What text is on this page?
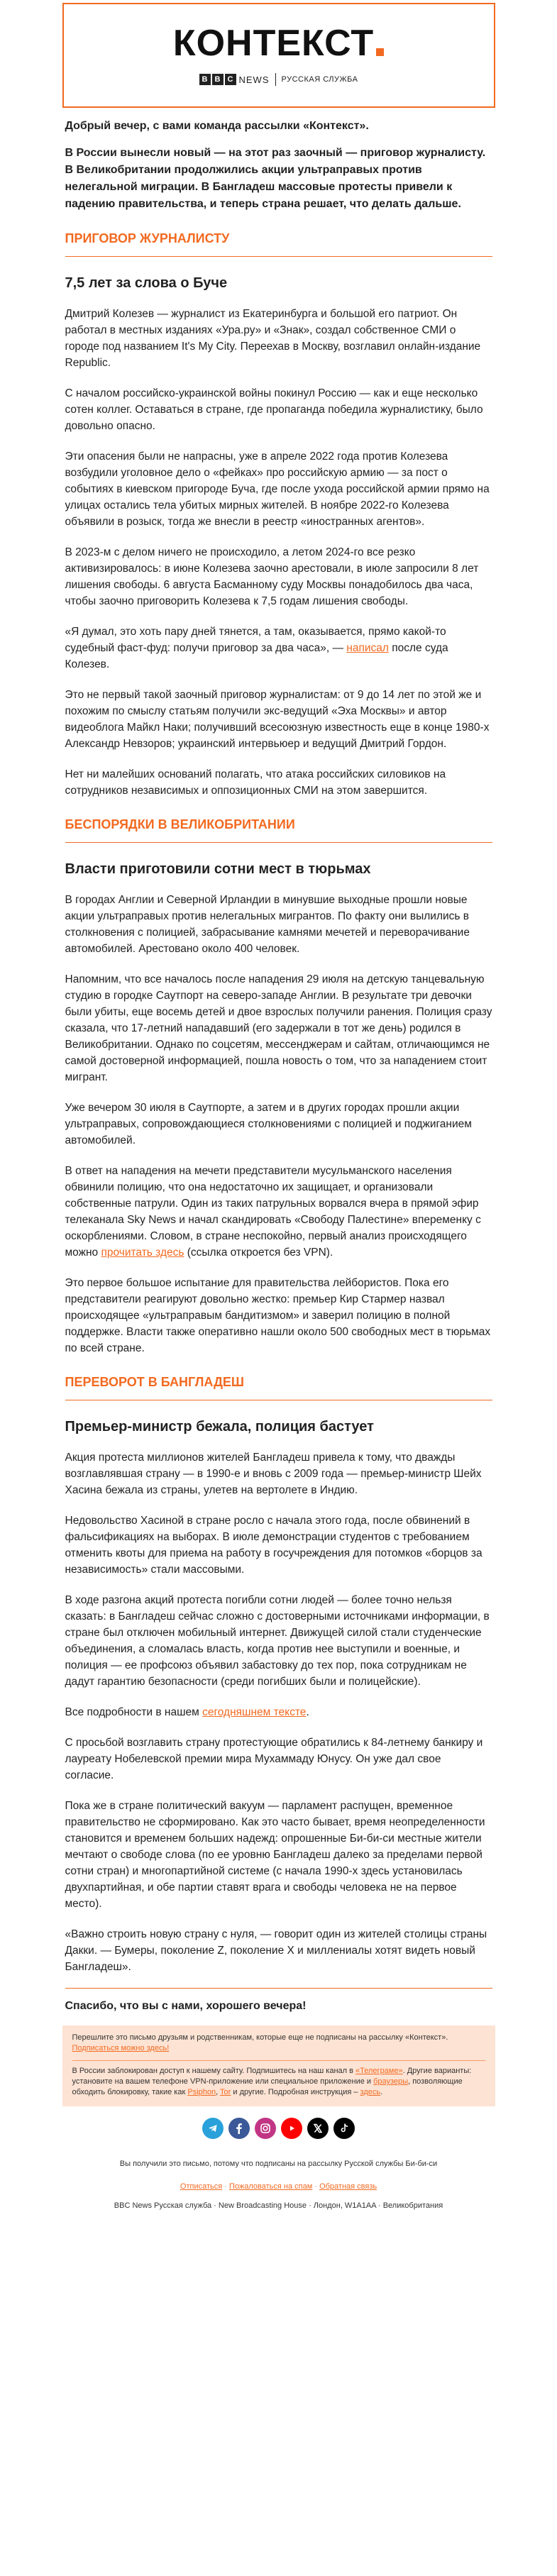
КОНТЕКСТ
B B C NEWS РУССКАЯ СЛУЖБА

Добрый вечер, с вами команда рассылки «Контекст».

В России вынесли новый — на этот раз заочный — приговор журналисту. В Великобритании продолжились акции ультраправых против нелегальной миграции. В Бангладеш массовые протесты привели к падению правительства, и теперь страна решает, что делать дальше.

ПРИГОВОР ЖУРНАЛИСТУ
7,5 лет за слова о Буче

Дмитрий Колезев — журналист из Екатеринбурга и большой его патриот. Он работал в местных изданиях «Ура.ру» и «Знак», создал собственное СМИ о городе под названием It's My City. Переехав в Москву, возглавил онлайн-издание Republic.

С началом российско-украинской войны покинул Россию — как и еще несколько сотен коллег. Оставаться в стране, где пропаганда победила журналистику, было довольно опасно.

Эти опасения были не напрасны, уже в апреле 2022 года против Колезева возбудили уголовное дело о «фейках» про российскую армию — за пост о событиях в киевском пригороде Буча, где после ухода российской армии прямо на улицах остались тела убитых мирных жителей. В ноябре 2022-го Колезева объявили в розыск, тогда же внесли в реестр «иностранных агентов».

В 2023-м с делом ничего не происходило, а летом 2024-го все резко активизировалось: в июне Колезева заочно арестовали, в июле запросили 8 лет лишения свободы. 6 августа Басманному суду Москвы понадобилось два часа, чтобы заочно приговорить Колезева к 7,5 годам лишения свободы.

«Я думал, это хоть пару дней тянется, а там, оказывается, прямо какой-то судебный фаст-фуд: получи приговор за два часа», — написал после суда Колезев.

Это не первый такой заочный приговор журналистам: от 9 до 14 лет по этой же и похожим по смыслу статьям получили экс-ведущий «Эха Москвы» и автор видеоблога Майкл Наки; получивший всесоюзную известность еще в конце 1980-х Александр Невзоров; украинский интервьюер и ведущий Дмитрий Гордон.

Нет ни малейших оснований полагать, что атака российских силовиков на сотрудников независимых и оппозиционных СМИ на этом завершится.

БЕСПОРЯДКИ В ВЕЛИКОБРИТАНИИ
Власти приготовили сотни мест в тюрьмах

В городах Англии и Северной Ирландии в минувшие выходные прошли новые акции ультраправых против нелегальных мигрантов. По факту они вылились в столкновения с полицией, забрасывание камнями мечетей и переворачивание автомобилей. Арестовано около 400 человек.

Напомним, что все началось после нападения 29 июля на детскую танцевальную студию в городке Саутпорт на северо-западе Англии. В результате три девочки были убиты, еще восемь детей и двое взрослых получили ранения. Полиция сразу сказала, что 17-летний нападавший (его задержали в тот же день) родился в Великобритании. Однако по соцсетям, мессенджерам и сайтам, отличающимся не самой достоверной информацией, пошла новость о том, что за нападением стоит мигрант.

Уже вечером 30 июля в Саутпорте, а затем и в других городах прошли акции ультраправых, сопровождающиеся столкновениями с полицией и поджиганием автомобилей.

В ответ на нападения на мечети представители мусульманского населения обвинили полицию, что она недостаточно их защищает, и организовали собственные патрули. Один из таких патрульных ворвался вчера в прямой эфир телеканала Sky News и начал скандировать «Свободу Палестине» впеременку с оскорблениями. Словом, в стране неспокойно, первый анализ происходящего можно прочитать здесь (ссылка откроется без VPN).

Это первое большое испытание для правительства лейбористов. Пока его представители реагируют довольно жестко: премьер Кир Стармер назвал происходящее «ультраправым бандитизмом» и заверил полицию в полной поддержке. Власти также оперативно нашли около 500 свободных мест в тюрьмах по всей стране.

ПЕРЕВОРОТ В БАНГЛАДЕШ
Премьер-министр бежала, полиция бастует

Акция протеста миллионов жителей Бангладеш привела к тому, что дважды возглавлявшая страну — в 1990-е и вновь с 2009 года — премьер-министр Шейх Хасина бежала из страны, улетев на вертолете в Индию.

Недовольство Хасиной в стране росло с начала этого года, после обвинений в фальсификациях на выборах. В июле демонстрации студентов с требованием отменить квоты для приема на работу в госучреждения для потомков «борцов за независимость» стали массовыми.

В ходе разгона акций протеста погибли сотни людей — более точно нельзя сказать: в Бангладеш сейчас сложно с достоверными источниками информации, в стране был отключен мобильный интернет. Движущей силой стали студенческие объединения, а сломалась власть, когда против нее выступили и военные, и полиция — ее профсоюз объявил забастовку до тех пор, пока сотрудникам не дадут гарантию безопасности (среди погибших были и полицейские).

Все подробности в нашем сегодняшнем тексте.

С просьбой возглавить страну протестующие обратились к 84-летнему банкиру и лауреату Нобелевской премии мира Мухаммаду Юнусу. Он уже дал свое согласие.

Пока же в стране политический вакуум — парламент распущен, временное правительство не сформировано. Как это часто бывает, время неопределенности становится и временем больших надежд: опрошенные Би-би-си местные жители мечтают о свободе слова (по ее уровню Бангладеш далеко за пределами первой сотни стран) и многопартийной системе (с начала 1990-х здесь установилась двухпартийная, и обе партии ставят врага и свободы человека не на первое место).

«Важно строить новую страну с нуля, — говорит один из жителей столицы страны Дакки. — Бумеры, поколение Z, поколение X и миллениалы хотят видеть новый Бангладеш».

Спасибо, что вы с нами, хорошего вечера!

Перешлите это письмо друзьям и родственникам, которые еще не подписаны на рассылку «Контекст». Подписаться можно здесь!

В России заблокирован доступ к нашему сайту. Подпишитесь на наш канал в «Телеграме». Другие варианты: установите на вашем телефоне VPN-приложение или специальное приложение и браузеры, позволяющие обходить блокировку, такие как Psiphon, Tor и другие. Подробная инструкция – здесь.

Вы получили это письмо, потому что подписаны на рассылку Русской службы Би-би-си

Отписаться · Пожаловаться на спам · Обратная связь

BBC News Русская служба · New Broadcasting House · Лондон, W1A1AA · Великобритания
